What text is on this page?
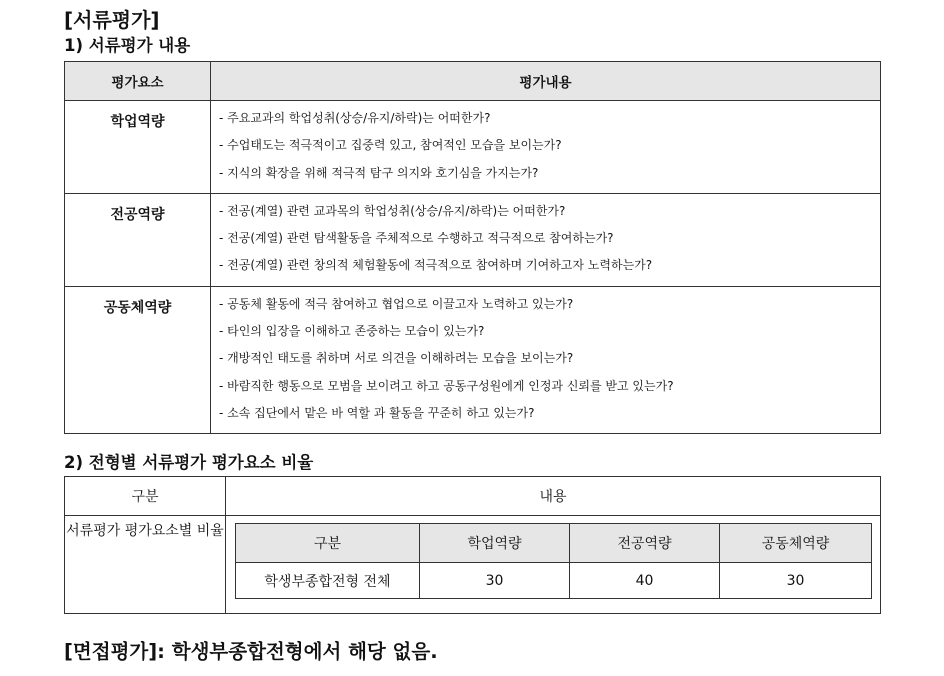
[서류평가]
1) 서류평가 내용
평가요소	평가내용
학업역량	- 주요교과의 학업성취(상승/유지/하락)는 어떠한가?
- 수업태도는 적극적이고 집중력 있고, 참여적인 모습을 보이는가?
- 지식의 확장을 위해 적극적 탐구 의지와 호기심을 가지는가?

전공역량	- 전공(계열) 관련 교과목의 학업성취(상승/유지/하락)는 어떠한가?
- 전공(계열) 관련 탐색활동을 주체적으로 수행하고 적극적으로 참여하는가?
- 전공(계열) 관련 창의적 체험활동에 적극적으로 참여하며 기여하고자 노력하는가?

공동체역량	- 공동체 활동에 적극 참여하고 협업으로 이끌고자 노력하고 있는가?
- 타인의 입장을 이해하고 존중하는 모습이 있는가?
- 개방적인 태도를 취하며 서로 의견을 이해하려는 모습을 보이는가?
- 바람직한 행동으로 모범을 보이려고 하고 공동구성원에게 인정과 신뢰를 받고 있는가?
- 소속 집단에서 맡은 바 역할 과 활동을 꾸준히 하고 있는가?
2) 전형별 서류평가 평가요소 비율
구분	내용
서류평가 평가요소별 비율	
구분	학업역량	전공역량	공동체역량
학생부종합전형 전체	30	40	30
[면접평가]: 학생부종합전형에서 해당 없음.
